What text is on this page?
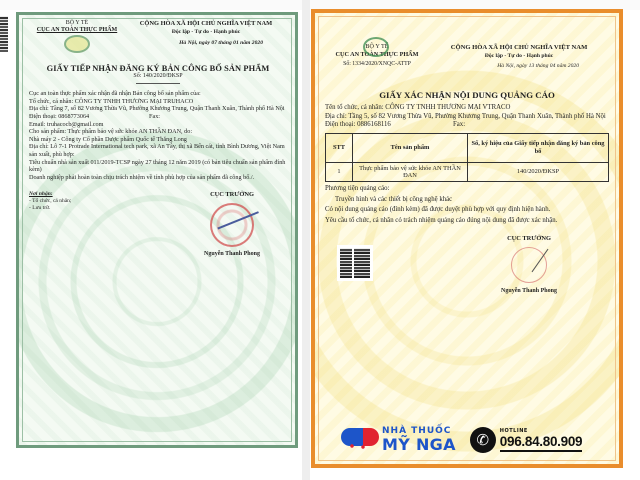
BỘ Y TẾ
CỤC AN TOÀN THỰC PHẨM
CỘNG HÒA XÃ HỘI CHỦ NGHĨA VIỆT NAM
Độc lập - Tự do - Hạnh phúc
Hà Nội, ngày 07 tháng 01 năm 2020
GIẤY TIẾP NHẬN ĐĂNG KÝ BẢN CÔNG BỐ SẢN PHẨM
Số: 140/2020/ĐKSP

Cục an toàn thực phẩm xác nhận đã nhận Bản công bố sản phẩm của:

Tổ chức, cá nhân: CÔNG TY TNHH THƯƠNG MẠI TRUHACO

Địa chỉ: Tầng 7, số 82 Vương Thừa Vũ, Phường Khương Trung, Quận Thanh Xuân, Thành phố Hà Nội

Điện thoại: 0868773064	Fax:

Email: truhacocb@gmail.com

Cho sản phẩm: Thực phẩm bảo vệ sức khỏe AN THẦN ĐAN, do:

Nhà máy 2 - Công ty Cổ phần Dược phẩm Quốc tế Thăng Long

Địa chỉ: Lô 7-1 Protrade International tech park, xã An Tây, thị xã Bến cát, tỉnh Bình Dương, Việt Nam sản xuất, phù hợp:

Tiêu chuẩn nhà sản xuất 011/2019-TCSP ngày 27 tháng 12 năm 2019 (có bản tiêu chuẩn sản phẩm đính kèm)

Doanh nghiệp phải hoàn toàn chịu trách nhiệm về tính phù hợp của sản phẩm đã công bố./.

Nơi nhận:
- Tổ chức, cá nhân;
- Lưu trữ.
CỤC TRƯỞNG
Nguyễn Thanh Phong
BỘ Y TẾ
CỤC AN TOÀN THỰC PHẨM
Số: 1334/2020/XNQC-ATTP
CỘNG HÒA XÃ HỘI CHỦ NGHĨA VIỆT NAM
Độc lập - Tự do - Hạnh phúc
Hà Nội, ngày 13 tháng 04 năm 2020
GIẤY XÁC NHẬN NỘI DUNG QUẢNG CÁO

Tên tổ chức, cá nhân: CÔNG TY TNHH THƯƠNG MẠI VTRACO

Địa chỉ: Tầng 5, số 82 Vương Thừa Vũ, Phường Khương Trung, Quận Thanh Xuân, Thành phố Hà Nội

Điện thoại: 0886168116	Fax:

STT	Tên sản phẩm	Số, ký hiệu của Giấy tiếp nhận đăng ký bản công bố
1	Thực phẩm bảo vệ sức khỏe AN THẦN ĐAN	140/2020/ĐKSP

Phương tiện quảng cáo:

Truyền hình và các thiết bị công nghệ khác

Có nội dung quảng cáo (đính kèm) đã được duyệt phù hợp với quy định hiện hành.

Yêu cầu tổ chức, cá nhân có trách nhiệm quảng cáo đúng nội dung đã được xác nhận.

CỤC TRƯỞNG
Nguyễn Thanh Phong
NHÀ THUỐC
MỸ NGA	✆	HOTLINE
096.84.80.909
